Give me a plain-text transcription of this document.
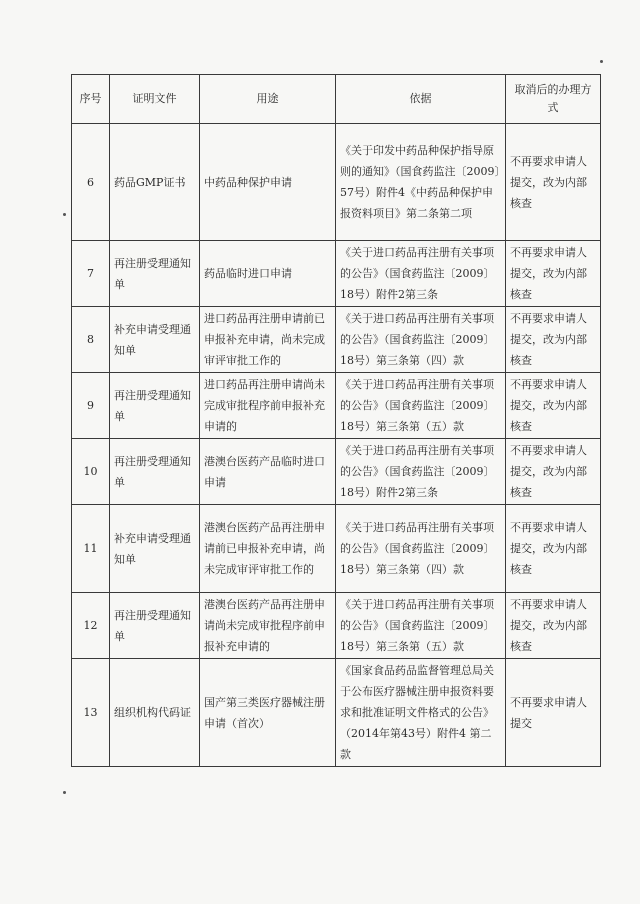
序号	证明文件	用途	依据	取消后的办理方式
6	药品GMP证书	中药品种保护申请	《关于印发中药品种保护指导原则的通知》（国食药监注〔2009〕57号）附件4《中药品种保护申报资料项目》第二条第二项	不再要求申请人提交，改为内部核查
7	再注册受理通知单	药品临时进口申请	《关于进口药品再注册有关事项的公告》（国食药监注〔2009〕18号）附件2第三条	不再要求申请人提交，改为内部核查
8	补充申请受理通知单	进口药品再注册申请前已申报补充申请，尚未完成审评审批工作的	《关于进口药品再注册有关事项的公告》（国食药监注〔2009〕18号）第三条第（四）款	不再要求申请人提交，改为内部核查
9	再注册受理通知单	进口药品再注册申请尚未完成审批程序前申报补充申请的	《关于进口药品再注册有关事项的公告》（国食药监注〔2009〕18号）第三条第（五）款	不再要求申请人提交，改为内部核查
10	再注册受理通知单	港澳台医药产品临时进口申请	《关于进口药品再注册有关事项的公告》（国食药监注〔2009〕18号）附件2第三条	不再要求申请人提交，改为内部核查
11	补充申请受理通知单	港澳台医药产品再注册申请前已申报补充申请，尚未完成审评审批工作的	《关于进口药品再注册有关事项的公告》（国食药监注〔2009〕18号）第三条第（四）款	不再要求申请人提交，改为内部核查
12	再注册受理通知单	港澳台医药产品再注册申请尚未完成审批程序前申报补充申请的	《关于进口药品再注册有关事项的公告》（国食药监注〔2009〕18号）第三条第（五）款	不再要求申请人提交，改为内部核查
13	组织机构代码证	国产第三类医疗器械注册申请（首次）	《国家食品药品监督管理总局关于公布医疗器械注册申报资料要求和批准证明文件格式的公告》（2014年第43号）附件4 第二款	不再要求申请人提交
